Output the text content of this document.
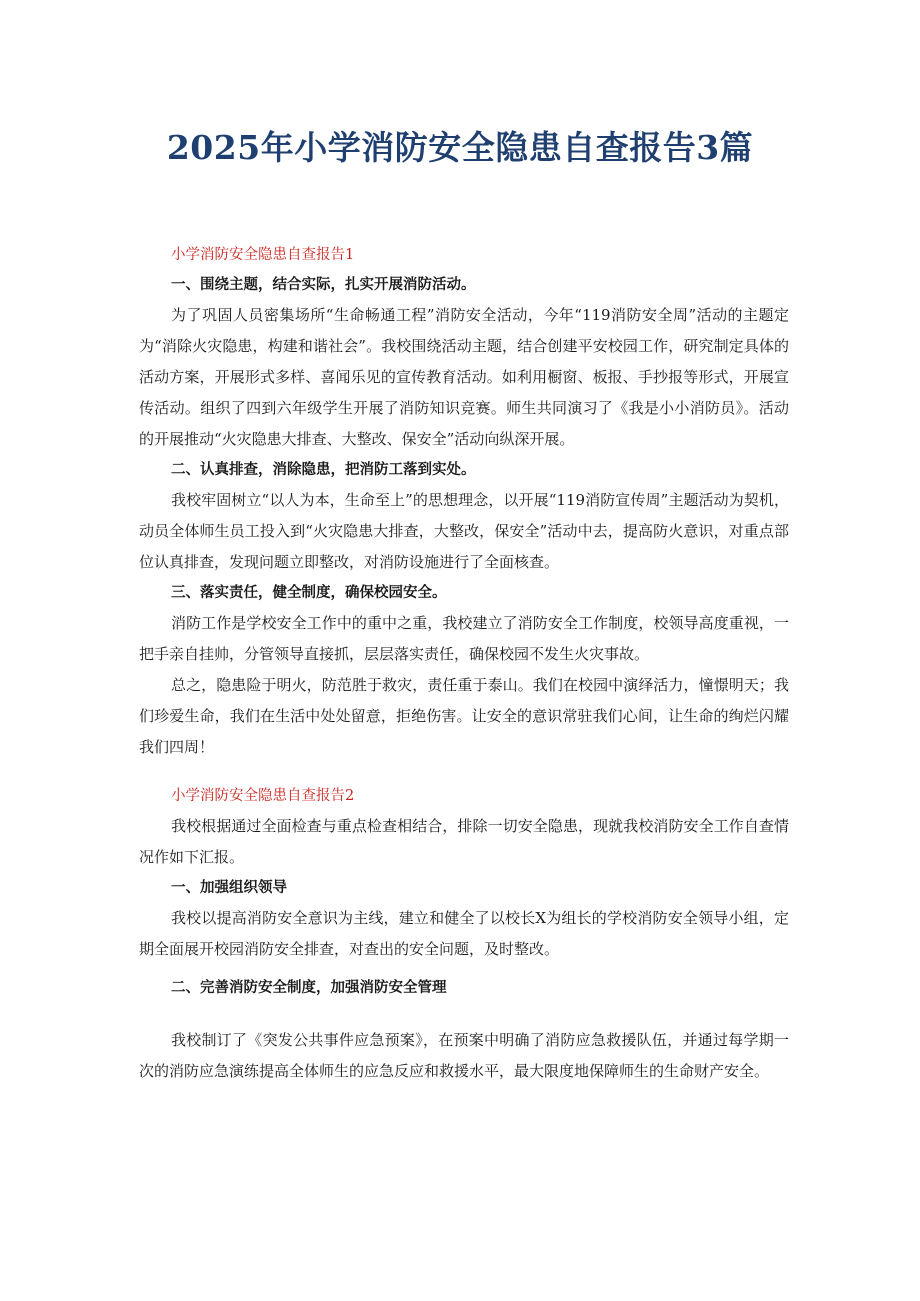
2025年小学消防安全隐患自查报告3篇
小学消防安全隐患自查报告1
一、围绕主题，结合实际，扎实开展消防活动。

为了巩固人员密集场所“生命畅通工程”消防安全活动，今年“119消防安全周”活动的主题定为“消除火灾隐患，构建和谐社会”。我校围绕活动主题，结合创建平安校园工作，研究制定具体的活动方案，开展形式多样、喜闻乐见的宣传教育活动。如利用橱窗、板报、手抄报等形式，开展宣传活动。组织了四到六年级学生开展了消防知识竞赛。师生共同演习了《我是小小消防员》。活动的开展推动“火灾隐患大排查、大整改、保安全”活动向纵深开展。

二、认真排查，消除隐患，把消防工落到实处。

我校牢固树立“以人为本，生命至上”的思想理念，以开展“119消防宣传周”主题活动为契机，动员全体师生员工投入到“火灾隐患大排查，大整改，保安全”活动中去，提高防火意识，对重点部位认真排查，发现问题立即整改，对消防设施进行了全面核查。

三、落实责任，健全制度，确保校园安全。

消防工作是学校安全工作中的重中之重，我校建立了消防安全工作制度，校领导高度重视，一把手亲自挂帅，分管领导直接抓，层层落实责任，确保校园不发生火灾事故。

总之，隐患险于明火，防范胜于救灾，责任重于泰山。我们在校园中演绎活力，憧憬明天；我们珍爱生命，我们在生活中处处留意，拒绝伤害。让安全的意识常驻我们心间，让生命的绚烂闪耀我们四周！

小学消防安全隐患自查报告2

我校根据通过全面检查与重点检查相结合，排除一切安全隐患，现就我校消防安全工作自查情况作如下汇报。

一、加强组织领导

我校以提高消防安全意识为主线，建立和健全了以校长X为组长的学校消防安全领导小组，定期全面展开校园消防安全排查，对查出的安全问题，及时整改。

二、完善消防安全制度，加强消防安全管理

我校制订了《突发公共事件应急预案》，在预案中明确了消防应急救援队伍，并通过每学期一次的消防应急演练提高全体师生的应急反应和救援水平，最大限度地保障师生的生命财产安全。
